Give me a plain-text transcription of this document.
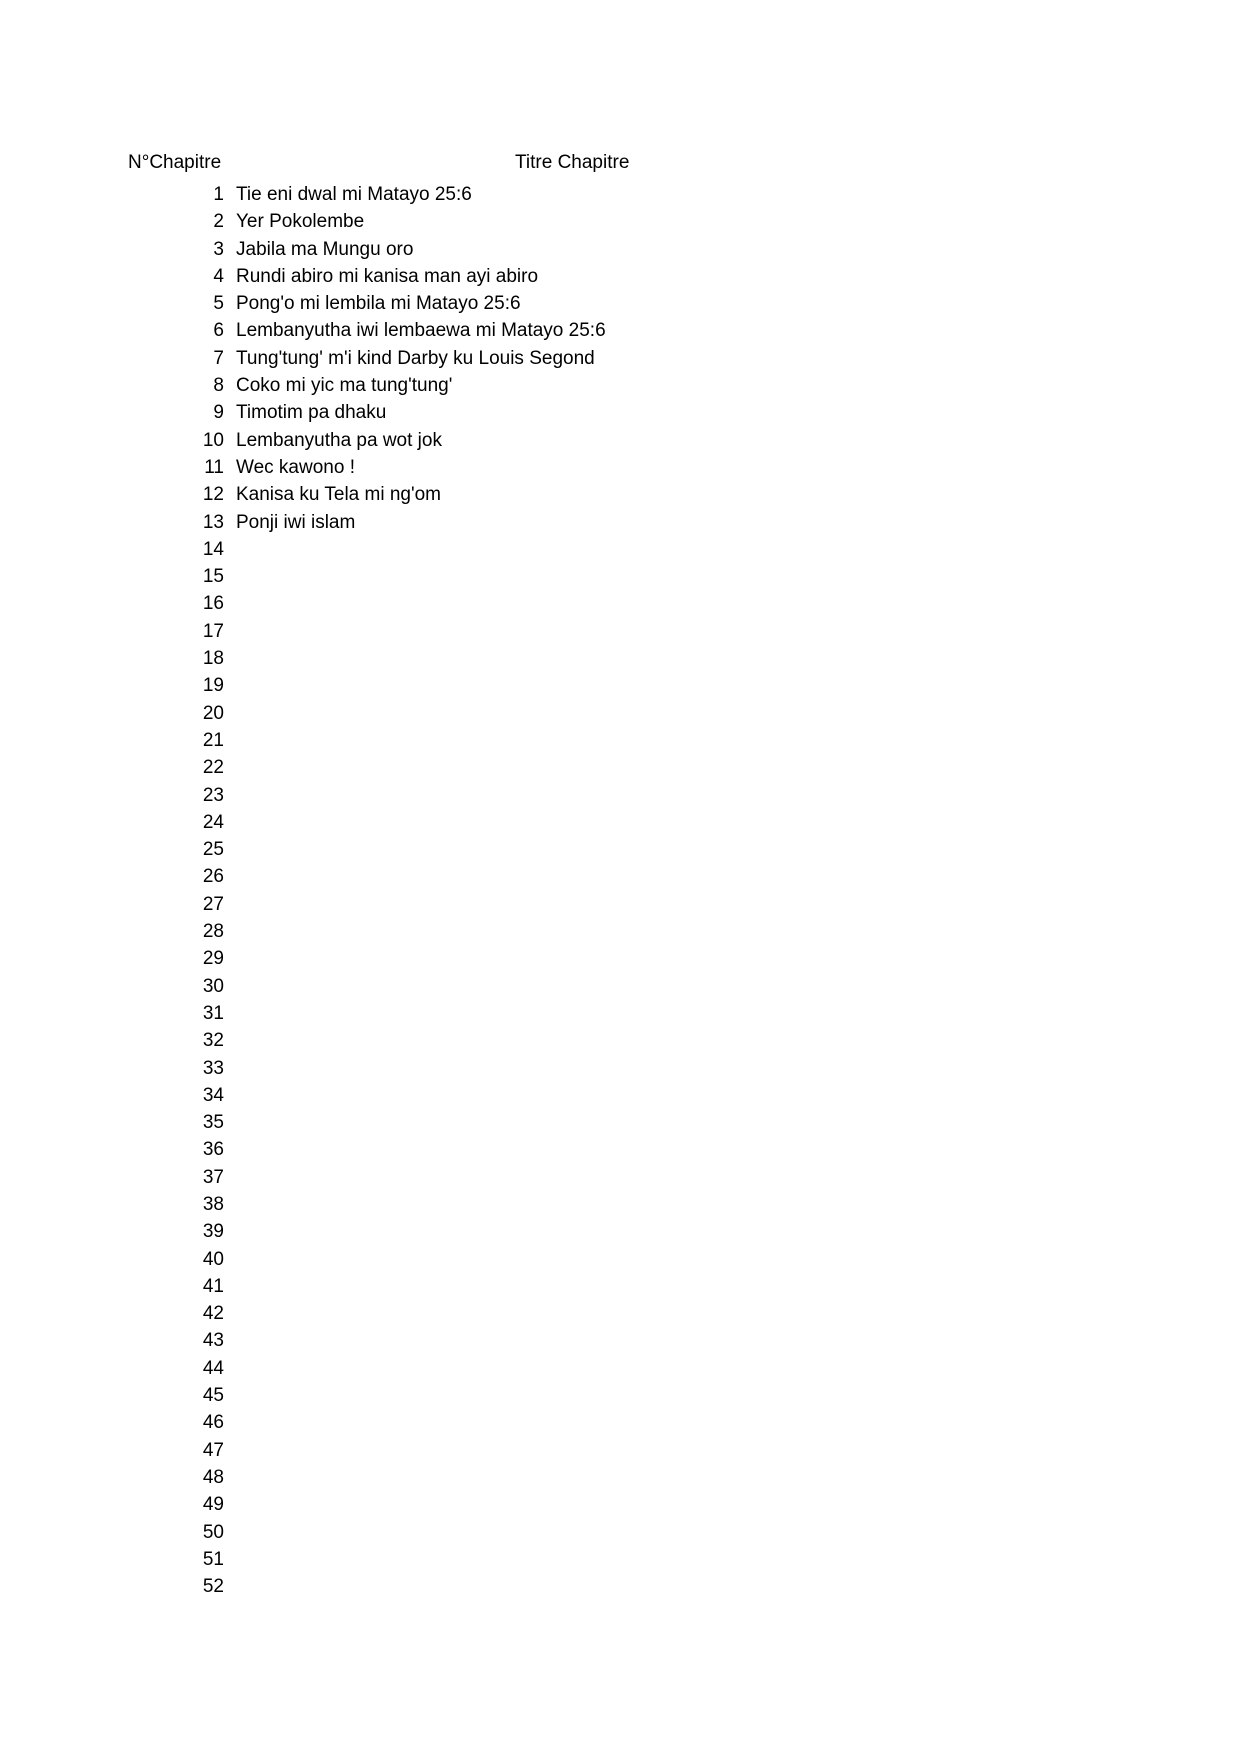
N°Chapitre	Titre Chapitre
1 Tie eni dwal mi Matayo 25:6
2 Yer Pokolembe
3 Jabila ma Mungu oro
4 Rundi abiro mi kanisa man ayi abiro
5 Pong'o mi lembila mi Matayo 25:6
6 Lembanyutha iwi lembaewa mi Matayo 25:6
7 Tung'tung' m'i kind Darby ku Louis Segond
8 Coko mi yic ma tung'tung'
9 Timotim pa dhaku
10 Lembanyutha pa wot jok
11 Wec kawono !
12 Kanisa ku Tela mi ng'om
13 Ponji iwi islam
14
15
16
17
18
19
20
21
22
23
24
25
26
27
28
29
30
31
32
33
34
35
36
37
38
39
40
41
42
43
44
45
46
47
48
49
50
51
52
